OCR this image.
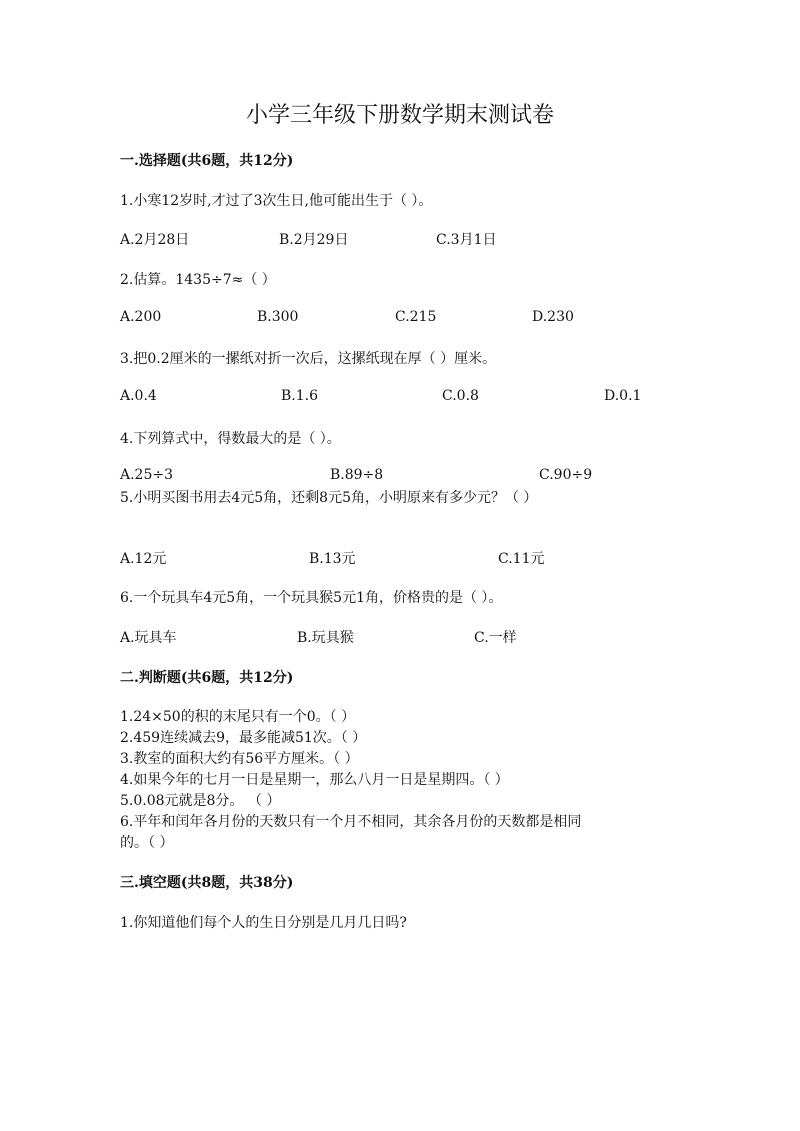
小学三年级下册数学期末测试卷
一.选择题(共6题，共12分)
1.小寒12岁时,才过了3次生日,他可能出生于（ ）。
A.2月28日	B.2月29日	C.3月1日
2.估算。1435÷7≈（ ）
A.200	B.300	C.215	D.230
3.把0.2厘米的一摞纸对折一次后，这摞纸现在厚（ ）厘米。
A.0.4	B.1.6	C.0.8	D.0.1
4.下列算式中，得数最大的是（ ）。
A.25÷3	B.89÷8	C.90÷9
5.小明买图书用去4元5角，还剩8元5角，小明原来有多少元？（ ）
A.12元	B.13元	C.11元
6.一个玩具车4元5角，一个玩具猴5元1角，价格贵的是（ ）。
A.玩具车	B.玩具猴	C.一样
二.判断题(共6题，共12分)
1.24×50的积的末尾只有一个0。（ ）
2.459连续减去9，最多能减51次。（ ）
3.教室的面积大约有56平方厘米。（ ）
4.如果今年的七月一日是星期一，那么八月一日是星期四。（ ）
5.0.08元就是8分。 （ ）
6.平年和闰年各月份的天数只有一个月不相同，其余各月份的天数都是相同
的。（ ）
三.填空题(共8题，共38分)
1.你知道他们每个人的生日分别是几月几日吗?
